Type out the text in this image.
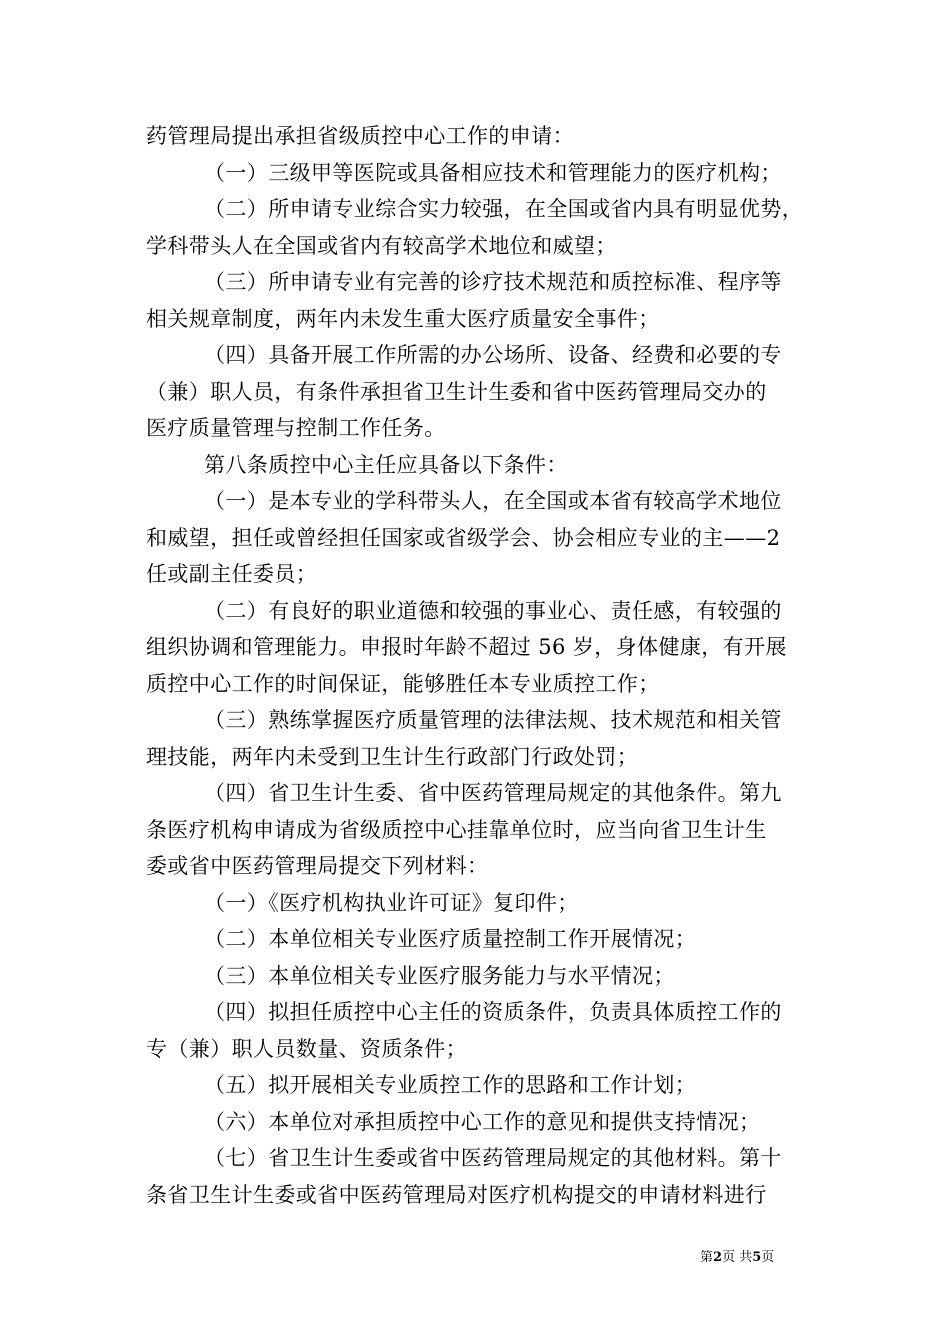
药管理局提出承担省级质控中心工作的申请：
（一）三级甲等医院或具备相应技术和管理能力的医疗机构；
（二）所申请专业综合实力较强，在全国或省内具有明显优势，
学科带头人在全国或省内有较高学术地位和威望；
（三）所申请专业有完善的诊疗技术规范和质控标准、程序等
相关规章制度，两年内未发生重大医疗质量安全事件；
（四）具备开展工作所需的办公场所、设备、经费和必要的专
（兼）职人员，有条件承担省卫生计生委和省中医药管理局交办的
医疗质量管理与控制工作任务。
第八条质控中心主任应具备以下条件：
（一）是本专业的学科带头人，在全国或本省有较高学术地位
和威望，担任或曾经担任国家或省级学会、协会相应专业的主——2
任或副主任委员；
（二）有良好的职业道德和较强的事业心、责任感，有较强的
组织协调和管理能力。申报时年龄不超过 56 岁，身体健康，有开展
质控中心工作的时间保证，能够胜任本专业质控工作；
（三）熟练掌握医疗质量管理的法律法规、技术规范和相关管
理技能，两年内未受到卫生计生行政部门行政处罚；
（四）省卫生计生委、省中医药管理局规定的其他条件。第九
条医疗机构申请成为省级质控中心挂靠单位时，应当向省卫生计生
委或省中医药管理局提交下列材料：
（一）《医疗机构执业许可证》复印件；
（二）本单位相关专业医疗质量控制工作开展情况；
（三）本单位相关专业医疗服务能力与水平情况；
（四）拟担任质控中心主任的资质条件，负责具体质控工作的
专（兼）职人员数量、资质条件；
（五）拟开展相关专业质控工作的思路和工作计划；
（六）本单位对承担质控中心工作的意见和提供支持情况；
（七）省卫生计生委或省中医药管理局规定的其他材料。第十
条省卫生计生委或省中医药管理局对医疗机构提交的申请材料进行
第2页 共5页
